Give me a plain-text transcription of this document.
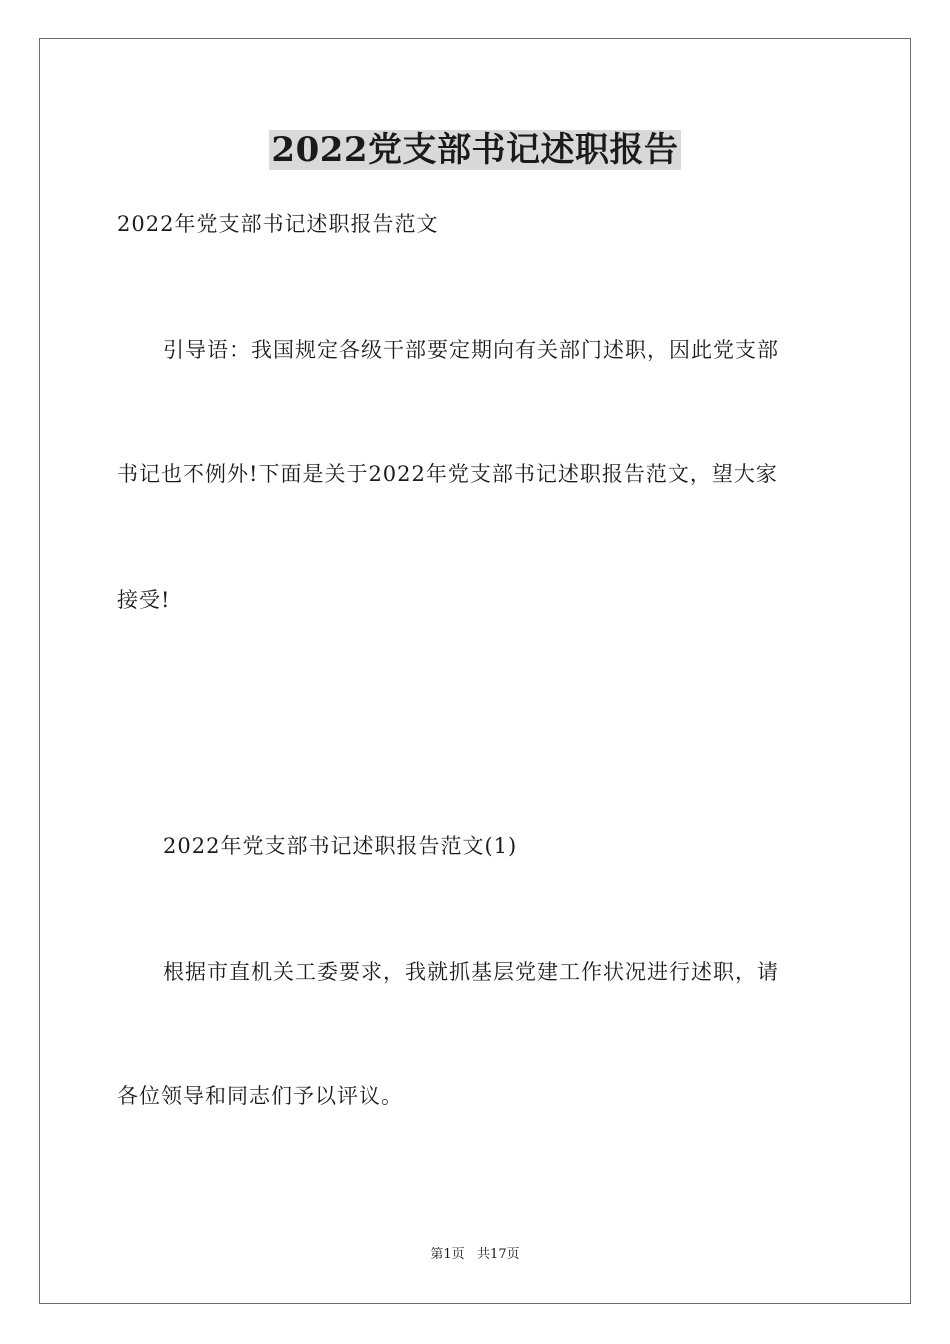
2022党支部书记述职报告
2022年党支部书记述职报告范文
引导语：我国规定各级干部要定期向有关部门述职，因此党支部
书记也不例外!下面是关于2022年党支部书记述职报告范文，望大家
接受!
2022年党支部书记述职报告范文(1)
根据市直机关工委要求，我就抓基层党建工作状况进行述职，请
各位领导和同志们予以评议。
第1页   共17页
